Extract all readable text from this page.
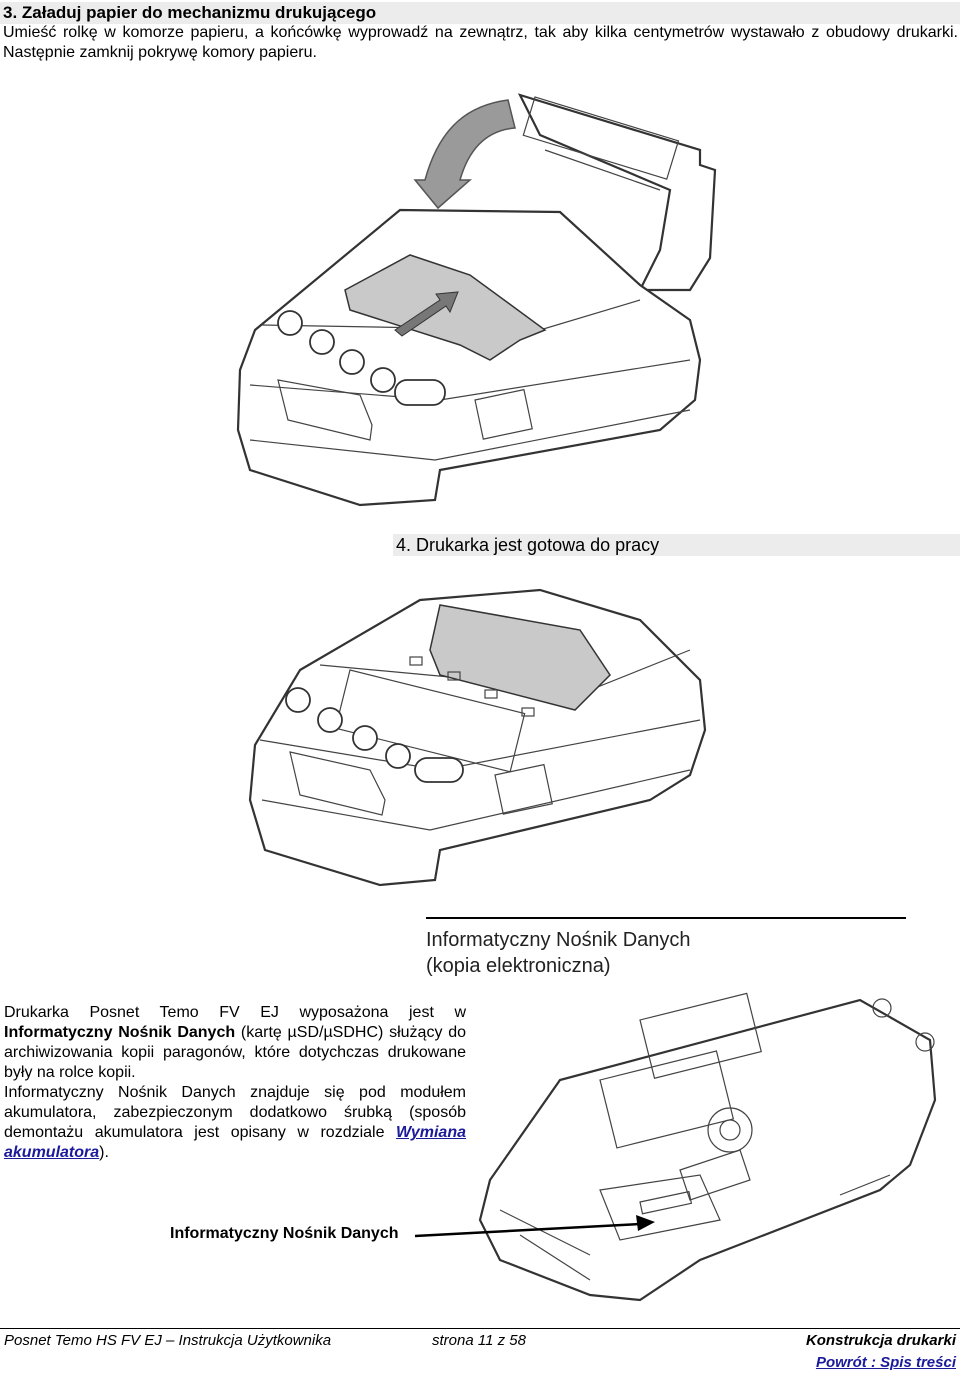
3. Załaduj papier do mechanizmu drukującego
Umieść rolkę w komorze papieru, a końcówkę wyprowadź na zewnątrz, tak aby kilka centymetrów wystawało z obudowy drukarki. Następnie zamknij pokrywę komory papieru.
4. Drukarka jest gotowa do pracy
Informatyczny Nośnik Danych
(kopia elektroniczna)
Drukarka Posnet Temo FV EJ wyposażona jest w Informatyczny Nośnik Danych (kartę µSD/µSDHC) służący do archiwizowania kopii paragonów, które dotychczas drukowane były na rolce kopii.
Informatyczny Nośnik Danych znajduje się pod modułem akumulatora, zabezpieczonym dodatkowo śrubką (sposób demontażu akumulatora jest opisany w rozdziale Wymiana akumulatora).
Informatyczny Nośnik Danych
Posnet Temo HS FV EJ – Instrukcja Użytkownika	strona 11 z 58	Konstrukcja drukarki
Powrót : Spis treści
